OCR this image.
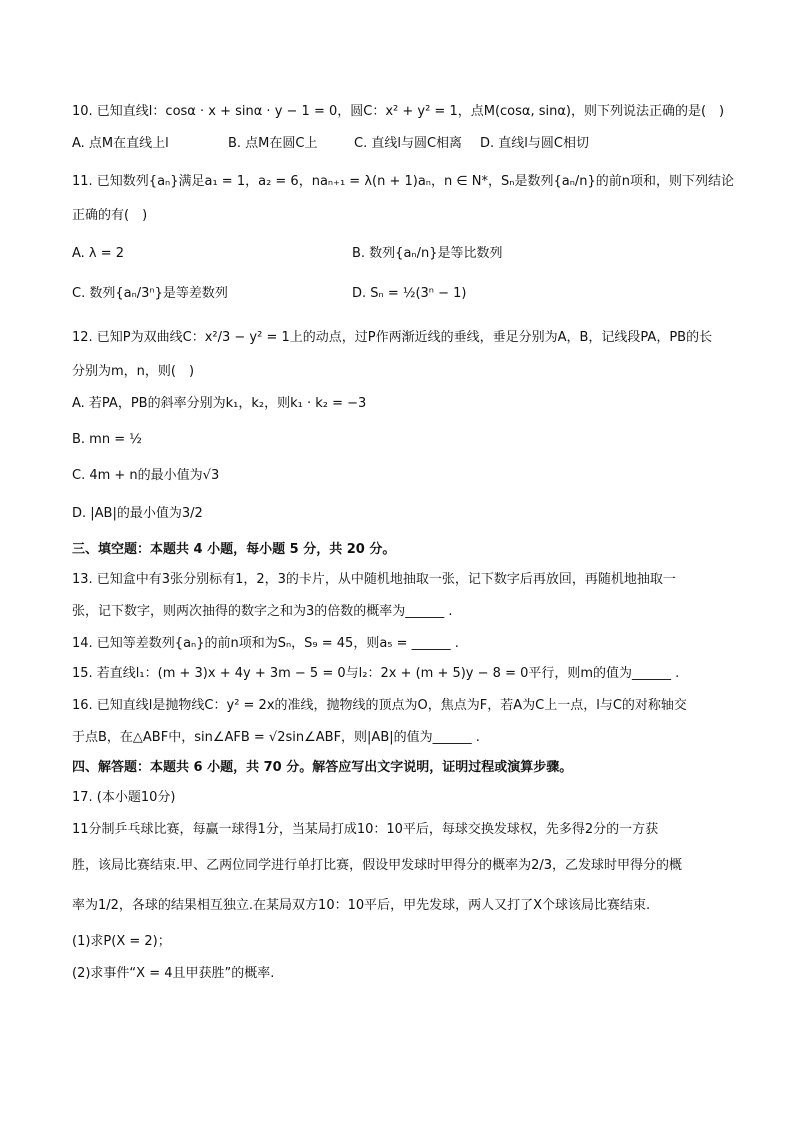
10. 已知直线l：cosα · x + sinα · y − 1 = 0，圆C：x² + y² = 1，点M(cosα, sinα)，则下列说法正确的是(　)
A. 点M在直线上l	B. 点M在圆C上	C. 直线l与圆C相离 D. 直线l与圆C相切
11. 已知数列{aₙ}满足a₁ = 1，a₂ = 6，naₙ₊₁ = λ(n + 1)aₙ，n ∈ N*，Sₙ是数列{aₙ/n}的前n项和，则下列结论
正确的有(　)
A. λ = 2	B. 数列{aₙ/n}是等比数列
C. 数列{aₙ/3ⁿ}是等差数列	D. Sₙ = ½(3ⁿ − 1)
12. 已知P为双曲线C：x²/3 − y² = 1上的动点，过P作两渐近线的垂线，垂足分别为A，B，记线段PA，PB的长
分别为m，n，则(　)
A. 若PA，PB的斜率分别为k₁，k₂，则k₁ · k₂ = −3
B. mn = ½
C. 4m + n的最小值为√3
D. |AB|的最小值为3/2
三、填空题：本题共 4 小题，每小题 5 分，共 20 分。
13. 已知盒中有3张分别标有1，2，3的卡片，从中随机地抽取一张，记下数字后再放回，再随机地抽取一
张，记下数字，则两次抽得的数字之和为3的倍数的概率为______ .
14. 已知等差数列{aₙ}的前n项和为Sₙ，S₉ = 45，则a₅ = ______ .
15. 若直线l₁：(m + 3)x + 4y + 3m − 5 = 0与l₂：2x + (m + 5)y − 8 = 0平行，则m的值为______ .
16. 已知直线l是抛物线C：y² = 2x的准线，抛物线的顶点为O，焦点为F，若A为C上一点，l与C的对称轴交
于点B，在△ABF中，sin∠AFB = √2sin∠ABF，则|AB|的值为______ .
四、解答题：本题共 6 小题，共 70 分。解答应写出文字说明，证明过程或演算步骤。
17. (本小题10分)
11分制乒乓球比赛，每赢一球得1分，当某局打成10：10平后，每球交换发球权，先多得2分的一方获
胜，该局比赛结束.甲、乙两位同学进行单打比赛，假设甲发球时甲得分的概率为2/3，乙发球时甲得分的概
率为1/2，各球的结果相互独立.在某局双方10：10平后，甲先发球，两人又打了X个球该局比赛结束.
(1)求P(X = 2)；
(2)求事件“X = 4且甲获胜”的概率.
